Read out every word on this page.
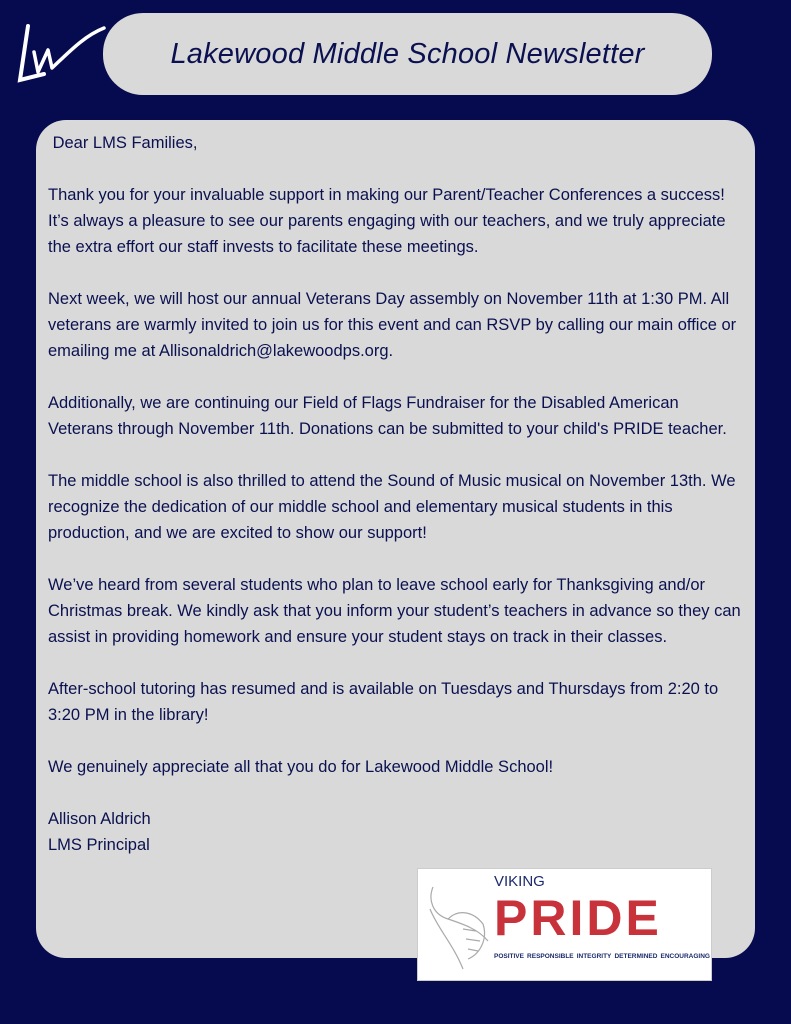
Lakewood Middle School Newsletter

Dear LMS Families,

Thank you for your invaluable support in making our Parent/Teacher Conferences a success! It’s always a pleasure to see our parents engaging with our teachers, and we truly appreciate the extra effort our staff invests to facilitate these meetings.

Next week, we will host our annual Veterans Day assembly on November 11th at 1:30 PM. All veterans are warmly invited to join us for this event and can RSVP by calling our main office or emailing me at Allisonaldrich@lakewoodps.org.

Additionally, we are continuing our Field of Flags Fundraiser for the Disabled American Veterans through November 11th. Donations can be submitted to your child's PRIDE teacher.

The middle school is also thrilled to attend the Sound of Music musical on November 13th. We recognize the dedication of our middle school and elementary musical students in this production, and we are excited to show our support!

We’ve heard from several students who plan to leave school early for Thanksgiving and/or Christmas break. We kindly ask that you inform your student’s teachers in advance so they can assist in providing homework and ensure your student stays on track in their classes.

After-school tutoring has resumed and is available on Tuesdays and Thursdays from 2:20 to 3:20 PM in the library!

We genuinely appreciate all that you do for Lakewood Middle School!

Allison Aldrich
LMS Principal
VIKING
PRIDE
POSITIVE RESPONSIBLE INTEGRITY DETERMINED ENCOURAGING
